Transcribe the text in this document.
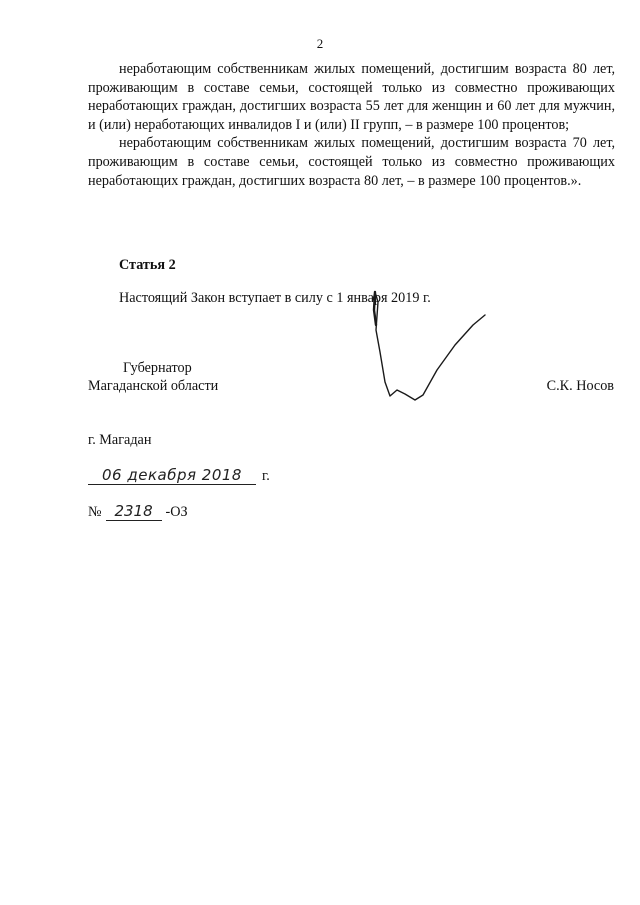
2

неработающим собственникам жилых помещений, достигшим возраста 80 лет, проживающим в составе семьи, состоящей только из совместно проживающих неработающих граждан, достигших возраста 55 лет для женщин и 60 лет для мужчин, и (или) неработающих инвалидов I и (или) II групп, – в размере 100 процентов;

неработающим собственникам жилых помещений, достигшим возраста 70 лет, проживающим в составе семьи, состоящей только из совместно проживающих неработающих граждан, достигших возраста 80 лет, – в размере 100 процентов.».

Статья 2
Настоящий Закон вступает в силу с 1 января 2019 г.
Губернатор
Магаданской области	С.К. Носов
г. Магадан
06 декабря 2018	г.
№ 2318 -ОЗ
